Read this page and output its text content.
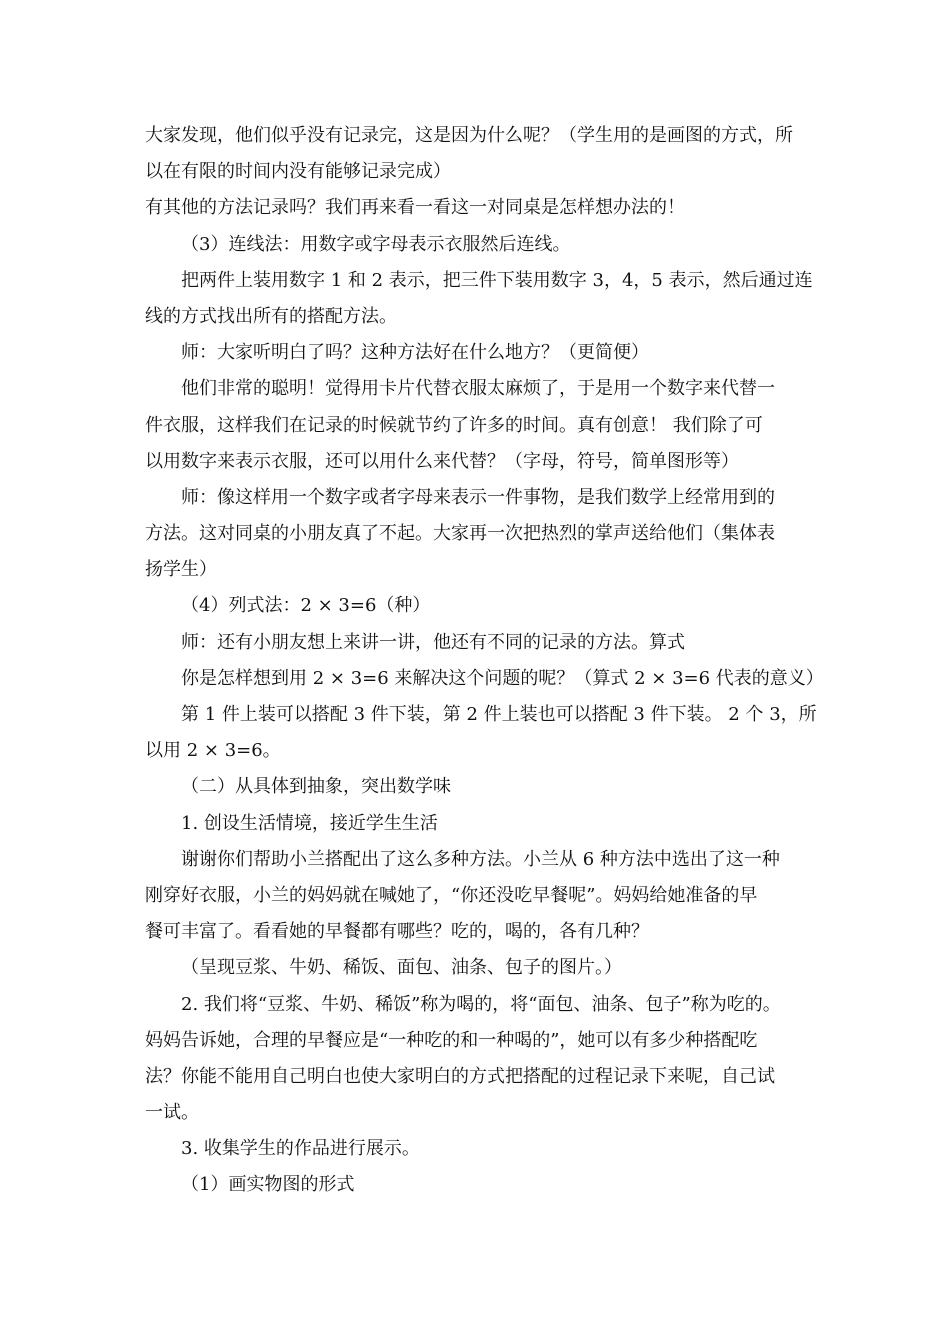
大家发现，他们似乎没有记录完，这是因为什么呢？（学生用的是画图的方式，所
以在有限的时间内没有能够记录完成）
有其他的方法记录吗？我们再来看一看这一对同桌是怎样想办法的！
（3）连线法：用数字或字母表示衣服然后连线。
把两件上装用数字 1 和 2 表示，把三件下装用数字 3，4，5 表示，然后通过连
线的方式找出所有的搭配方法。
师：大家听明白了吗？这种方法好在什么地方？（更简便）
他们非常的聪明！觉得用卡片代替衣服太麻烦了，于是用一个数字来代替一
件衣服，这样我们在记录的时候就节约了许多的时间。真有创意！ 我们除了可
以用数字来表示衣服，还可以用什么来代替？（字母，符号，简单图形等）
师：像这样用一个数字或者字母来表示一件事物，是我们数学上经常用到的
方法。这对同桌的小朋友真了不起。大家再一次把热烈的掌声送给他们（集体表
扬学生）
（4）列式法：2 × 3=6（种）
师：还有小朋友想上来讲一讲，他还有不同的记录的方法。算式
你是怎样想到用 2 × 3=6 来解决这个问题的呢？（算式 2 × 3=6 代表的意义）
第 1 件上装可以搭配 3 件下装，第 2 件上装也可以搭配 3 件下装。 2 个 3，所
以用 2 × 3=6。
（二）从具体到抽象，突出数学味
1. 创设生活情境，接近学生生活
谢谢你们帮助小兰搭配出了这么多种方法。小兰从 6 种方法中选出了这一种
刚穿好衣服，小兰的妈妈就在喊她了，“你还没吃早餐呢”。妈妈给她准备的早
餐可丰富了。看看她的早餐都有哪些？吃的，喝的，各有几种？
（呈现豆浆、牛奶、稀饭、面包、油条、包子的图片。）
2. 我们将“豆浆、牛奶、稀饭”称为喝的，将“面包、油条、包子”称为吃的。
妈妈告诉她，合理的早餐应是“一种吃的和一种喝的”，她可以有多少种搭配吃
法？你能不能用自己明白也使大家明白的方式把搭配的过程记录下来呢，自己试
一试。
3. 收集学生的作品进行展示。
（1）画实物图的形式
